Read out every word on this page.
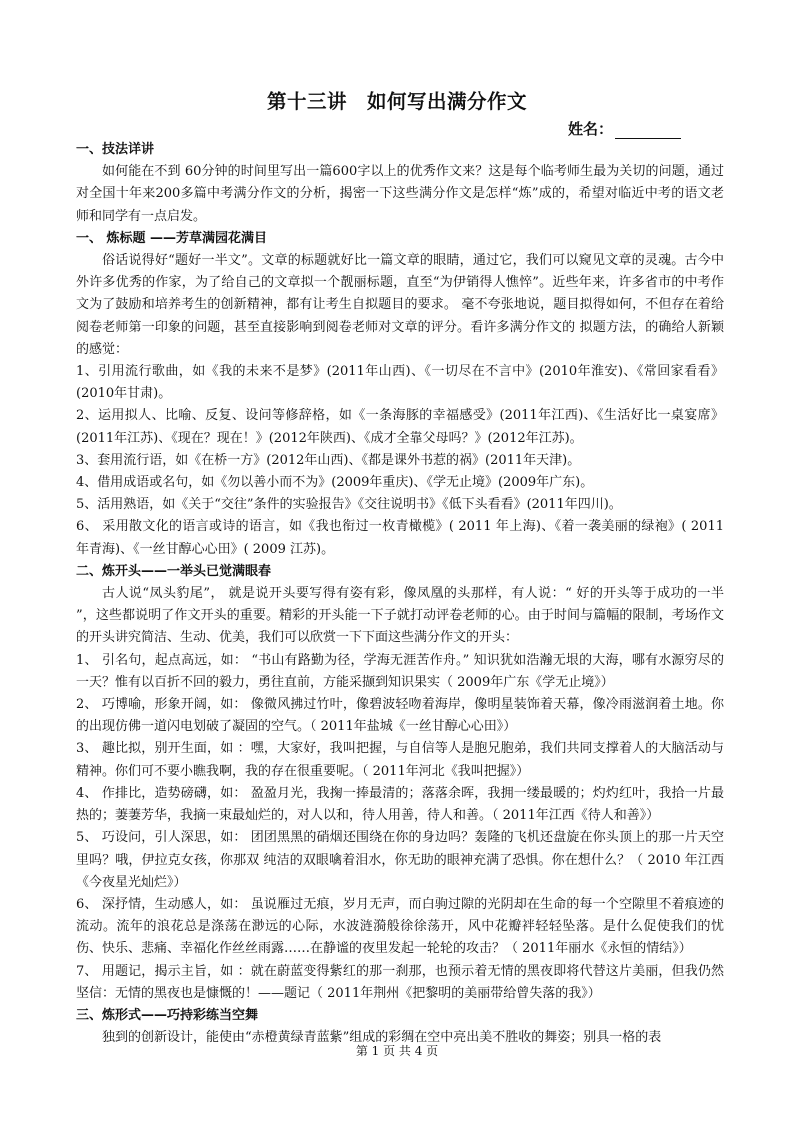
第十三讲　如何写出满分作文
姓名：
一、技法详讲

如何能在不到 60分钟的时间里写出一篇600字以上的优秀作文来？这是每个临考师生最为关切的问题，通过对全国十年来200多篇中考满分作文的分析，揭密一下这些满分作文是怎样“炼”成的，希望对临近中考的语文老师和同学有一点启发。

一、 炼标题 ——芳草满园花满目

俗话说得好“题好一半文”。文章的标题就好比一篇文章的眼睛，通过它，我们可以窥见文章的灵魂。古今中外许多优秀的作家，为了给自己的文章拟一个靓丽标题，直至“为伊销得人憔悴”。近些年来，许多省市的中考作文为了鼓励和培养考生的创新精神，都有让考生自拟题目的要求。 毫不夸张地说，题目拟得如何，不但存在着给阅卷老师第一印象的问题，甚至直接影响到阅卷老师对文章的评分。看许多满分作文的 拟题方法，的确给人新颖的感觉：

1、引用流行歌曲，如《我的未来不是梦》(2011年山西)、《一切尽在不言中》(2010年淮安)、《常回家看看》(2010年甘肃)。

2、运用拟人、比喻、反复、设问等修辞格，如《一条海豚的幸福感受》(2011年江西)、《生活好比一桌宴席》(2011年江苏)、《现在？现在！》(2012年陕西)、《成才全靠父母吗？》(2012年江苏)。

3、套用流行语，如《在桥一方》(2012年山西)、《都是课外书惹的祸》(2011年天津)。

4、借用成语或名句，如《勿以善小而不为》(2009年重庆)、《学无止境》(2009年广东)。

5、活用熟语，如《关于“交往”条件的实验报告》《交往说明书》《低下头看看》(2011年四川)。

6、 采用散文化的语言或诗的语言，如《我也衔过一枚青橄榄》( 2011 年上海)、《着一袭美丽的绿袍》( 2011 年青海)、《一丝甘醇心心田》( 2009 江苏)。

二、炼开头——一举头已觉满眼春

古人说“凤头豹尾”， 就是说开头要写得有姿有彩，像凤凰的头那样，有人说：“ 好的开头等于成功的一半 ”，这些都说明了作文开头的重要。精彩的开头能一下子就打动评卷老师的心。由于时间与篇幅的限制，考场作文的开头讲究简洁、生动、优美，我们可以欣赏一下下面这些满分作文的开头：

1、 引名句，起点高远，如： “书山有路勤为径，学海无涯苦作舟。” 知识犹如浩瀚无垠的大海，哪有水源穷尽的一天？惟有以百折不回的毅力，勇往直前，方能采撷到知识果实（ 2009年广东《学无止境》）

2、 巧博喻，形象开阔，如： 像微风拂过竹叶，像碧波轻吻着海岸，像明星装饰着天幕，像冷雨滋润着土地。你的出现仿佛一道闪电划破了凝固的空气。（ 2011年盐城《一丝甘醇心心田》）

3、 趣比拟，别开生面，如 ：嘿，大家好，我叫把握，与自信等人是胞兄胞弟，我们共同支撑着人的大脑活动与精神。你们可不要小瞧我啊，我的存在很重要呢。（ 2011年河北《我叫把握》）

4、 作排比，造势磅礴，如： 盈盈月光，我掬一捧最清的；落落余晖，我拥一缕最暖的；灼灼红叶，我拾一片最热的；萋萋芳华，我摘一束最灿烂的，对人以和，待人用善，待人和善。（ 2011年江西《待人和善》）

5、 巧设问，引人深思，如： 团团黑黑的硝烟还围绕在你的身边吗？轰隆的飞机还盘旋在你头顶上的那一片天空里吗？哦，伊拉克女孩，你那双 纯洁的双眼噙着泪水，你无助的眼神充满了恐惧。你在想什么？（ 2010 年江西《今夜星光灿烂》）

6、 深抒情，生动感人，如： 虽说雁过无痕，岁月无声，而白驹过隙的光阴却在生命的每一个空隙里不着痕迹的流动。流年的浪花总是涤荡在渺远的心际，水波涟漪般徐徐荡开，风中花瓣袢轻轻坠落。是什么促使我们的忧伤、快乐、悲痛、幸福化作丝丝雨露……在静谧的夜里发起一轮轮的攻击？（ 2011年丽水《永恒的情结》）

7、 用题记，揭示主旨，如 ：就在蔚蓝变得紫红的那一刹那，也预示着无情的黑夜即将代替这片美丽，但我仍然坚信：无情的黑夜也是慷慨的！——题记（ 2011年荆州《把黎明的美丽带给曾失落的我》）

三、炼形式——巧持彩练当空舞

独到的创新设计，能使由“赤橙黄绿青蓝紫”组成的彩绸在空中亮出美不胜收的舞姿；别具一格的表

第 1 页 共 4 页
